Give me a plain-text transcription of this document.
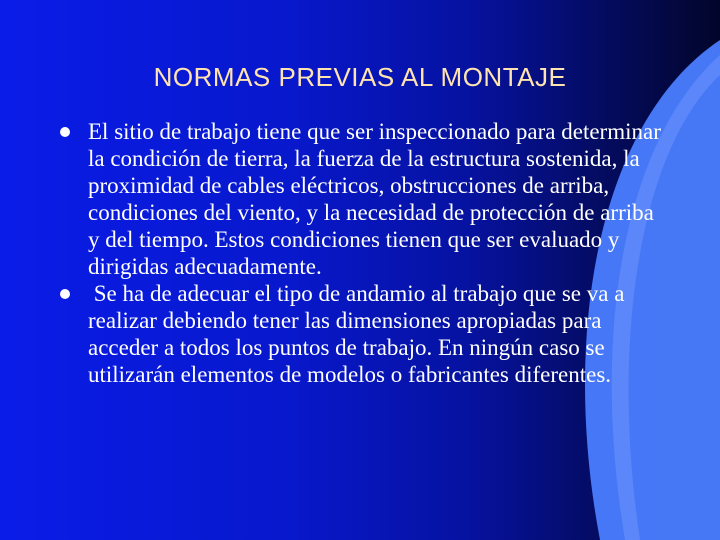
NORMAS PREVIAS AL MONTAJE
El sitio de trabajo tiene que ser inspeccionado para determinar la condición de tierra, la fuerza de la estructura sostenida, la proximidad de cables eléctricos, obstrucciones de arriba, condiciones del viento, y la necesidad de protección de arriba y del tiempo. Estos condiciones tienen que ser evaluado y dirigidas adecuadamente.
Se ha de adecuar el tipo de andamio al trabajo que se va a realizar debiendo tener las dimensiones apropiadas para acceder a todos los puntos de trabajo. En ningún caso se utilizarán elementos de modelos o fabricantes diferentes.
